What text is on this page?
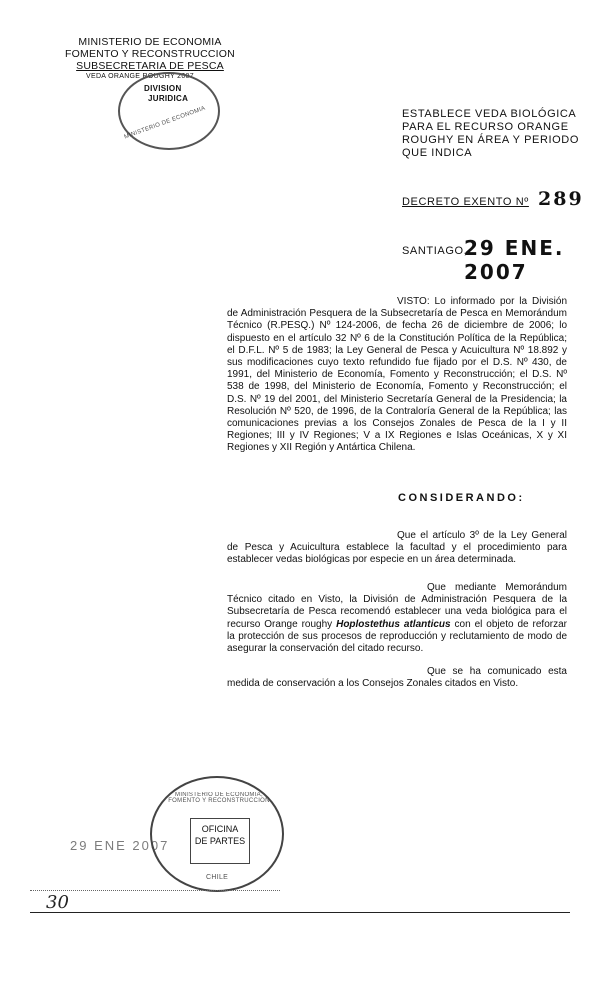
MINISTERIO DE ECONOMIA
FOMENTO Y RECONSTRUCCION
SUBSECRETARIA DE PESCA
VEDA ORANGE ROUGHY 2007
DIVISION
JURIDICA
MINISTERIO DE ECONOMIA	ESTABLECE VEDA BIOLÓGICA
PARA EL RECURSO ORANGE
ROUGHY EN ÁREA Y PERIODO
QUE INDICA
DECRETO EXENTO Nº 289
SANTIAGO,
29 ENE. 2007
VISTO: Lo informado por la División de Administración Pesquera de la Subsecretaría de Pesca en Memorándum Técnico (R.PESQ.) Nº 124-2006, de fecha 26 de diciembre de 2006; lo dispuesto en el artículo 32 Nº 6 de la Constitución Política de la República; el D.F.L. Nº 5 de 1983; la Ley General de Pesca y Acuicultura Nº 18.892 y sus modificaciones cuyo texto refundido fue fijado por el D.S. Nº 430, de 1991, del Ministerio de Economía, Fomento y Reconstrucción; el D.S. Nº 538 de 1998, del Ministerio de Economía, Fomento y Reconstrucción; el D.S. Nº 19 del 2001, del Ministerio Secretaría General de la Presidencia; la Resolución Nº 520, de 1996, de la Contraloría General de la República; las comunicaciones previas a los Consejos Zonales de Pesca de la I y II Regiones; III y IV Regiones; V a IX Regiones e Islas Oceánicas, X y XI Regiones y XII Región y Antártica Chilena.
CONSIDERANDO:
Que el artículo 3º de la Ley General de Pesca y Acuicultura establece la facultad y el procedimiento para establecer vedas biológicas por especie en un área determinada.
Que mediante Memorándum Técnico citado en Visto, la División de Administración Pesquera de la Subsecretaría de Pesca recomendó establecer una veda biológica para el recurso Orange roughy Hoplostethus atlanticus con el objeto de reforzar la protección de sus procesos de reproducción y reclutamiento de modo de asegurar la conservación del citado recurso.
Que se ha comunicado esta medida de conservación a los Consejos Zonales citados en Visto.
29 ENE 2007
OFICINA
DE PARTES
MINISTERIO DE ECONOMIA, FOMENTO Y RECONSTRUCCION
CHILE
30
